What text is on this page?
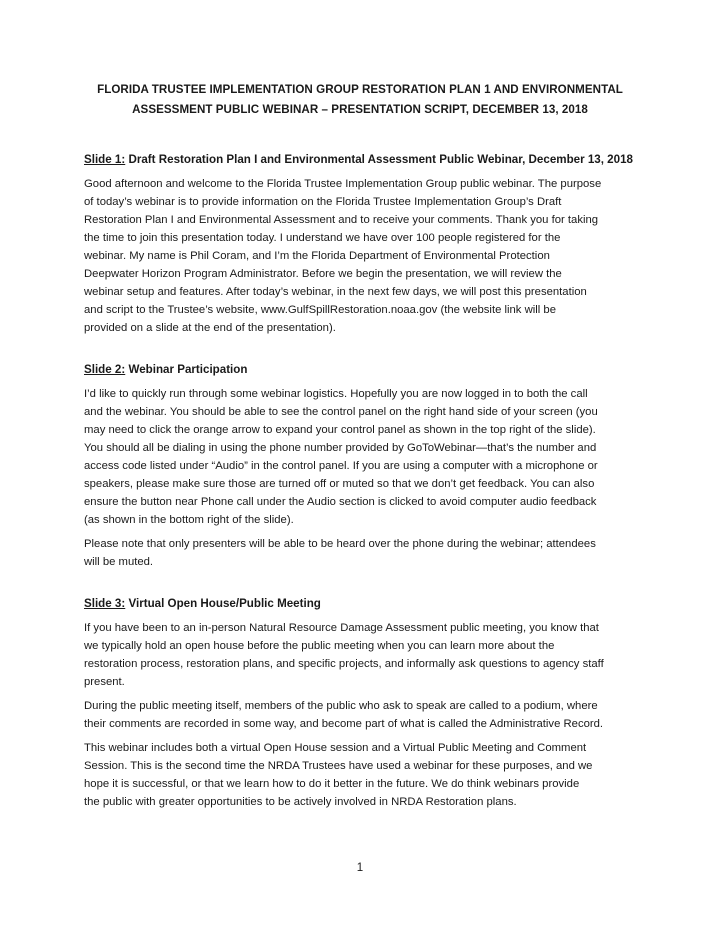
FLORIDA TRUSTEE IMPLEMENTATION GROUP RESTORATION PLAN 1 AND ENVIRONMENTAL
ASSESSMENT PUBLIC WEBINAR – PRESENTATION SCRIPT, DECEMBER 13, 2018
Slide 1: Draft Restoration Plan I and Environmental Assessment Public Webinar, December 13, 2018
Good afternoon and welcome to the Florida Trustee Implementation Group public webinar. The purpose
of today’s webinar is to provide information on the Florida Trustee Implementation Group’s Draft
Restoration Plan I and Environmental Assessment and to receive your comments. Thank you for taking
the time to join this presentation today. I understand we have over 100 people registered for the
webinar. My name is Phil Coram, and I’m the Florida Department of Environmental Protection
Deepwater Horizon Program Administrator. Before we begin the presentation, we will review the
webinar setup and features. After today’s webinar, in the next few days, we will post this presentation
and script to the Trustee’s website, www.GulfSpillRestoration.noaa.gov (the website link will be
provided on a slide at the end of the presentation).
Slide 2: Webinar Participation
I’d like to quickly run through some webinar logistics. Hopefully you are now logged in to both the call
and the webinar. You should be able to see the control panel on the right hand side of your screen (you
may need to click the orange arrow to expand your control panel as shown in the top right of the slide).
You should all be dialing in using the phone number provided by GoToWebinar—that’s the number and
access code listed under “Audio” in the control panel. If you are using a computer with a microphone or
speakers, please make sure those are turned off or muted so that we don’t get feedback. You can also
ensure the button near Phone call under the Audio section is clicked to avoid computer audio feedback
(as shown in the bottom right of the slide).
Please note that only presenters will be able to be heard over the phone during the webinar; attendees
will be muted.
Slide 3: Virtual Open House/Public Meeting
If you have been to an in-person Natural Resource Damage Assessment public meeting, you know that
we typically hold an open house before the public meeting when you can learn more about the
restoration process, restoration plans, and specific projects, and informally ask questions to agency staff
present.
During the public meeting itself, members of the public who ask to speak are called to a podium, where
their comments are recorded in some way, and become part of what is called the Administrative Record.
This webinar includes both a virtual Open House session and a Virtual Public Meeting and Comment
Session. This is the second time the NRDA Trustees have used a webinar for these purposes, and we
hope it is successful, or that we learn how to do it better in the future. We do think webinars provide
the public with greater opportunities to be actively involved in NRDA Restoration plans.
1
